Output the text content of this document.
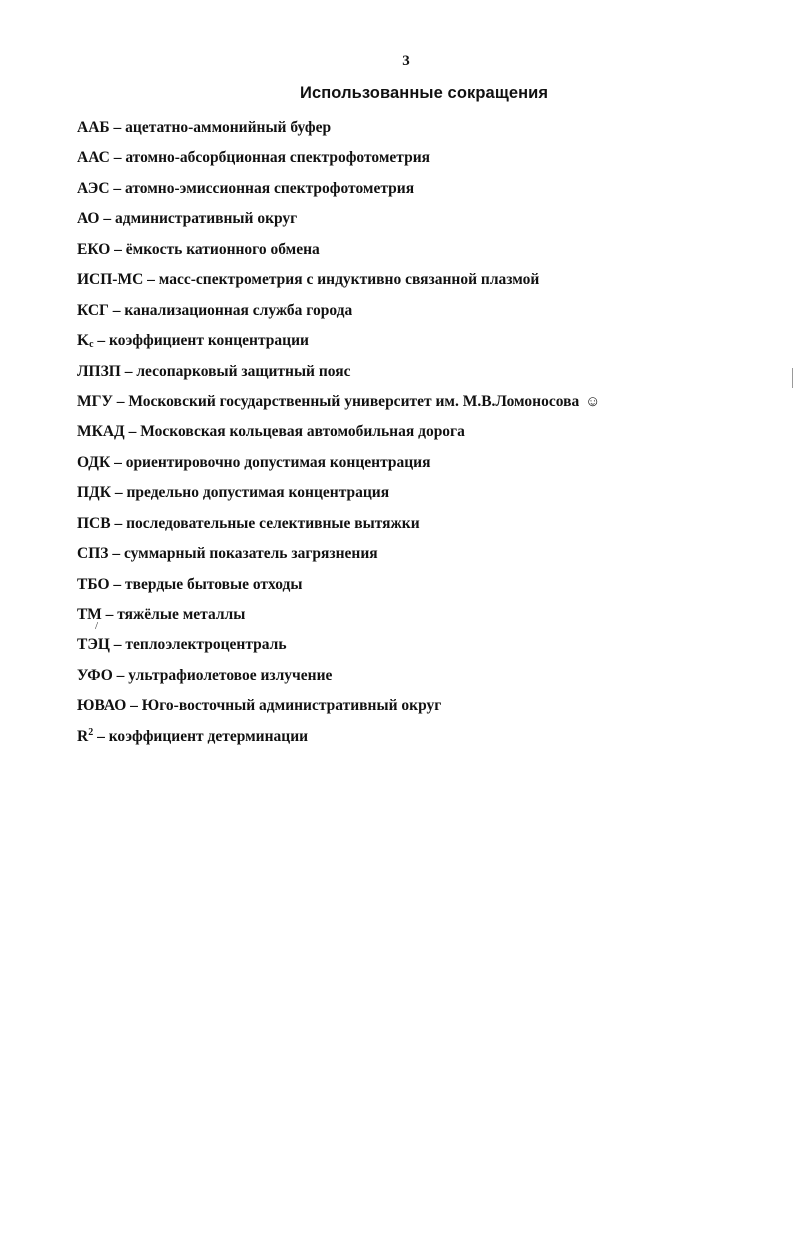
3
Использованные сокращения
ААБ – ацетатно-аммонийный буфер
ААС – атомно-абсорбционная спектрофотометрия
АЭС – атомно-эмиссионная спектрофотометрия
АО – административный округ
ЕКО – ёмкость катионного обмена
ИСП-МС – масс-спектрометрия с индуктивно связанной плазмой
КСГ – канализационная служба города
$K_c$ – коэффициент концентрации
ЛПЗП – лесопарковый защитный пояс
МГУ – Московский государственный университет им. М.В.Ломоносова ☺
МКАД – Московская кольцевая автомобильная дорога
ОДК – ориентировочно допустимая концентрация
ПДК – предельно допустимая концентрация
ПСВ – последовательные селективные вытяжки
СПЗ – суммарный показатель загрязнения
ТБО – твердые бытовые отходы
ТМ – тяжёлые металлы
ТЭЦ – теплоэлектроцентраль
УФО – ультрафиолетовое излучение
ЮВАО – Юго-восточный административный округ
$R^2$ – коэффициент детерминации
/
